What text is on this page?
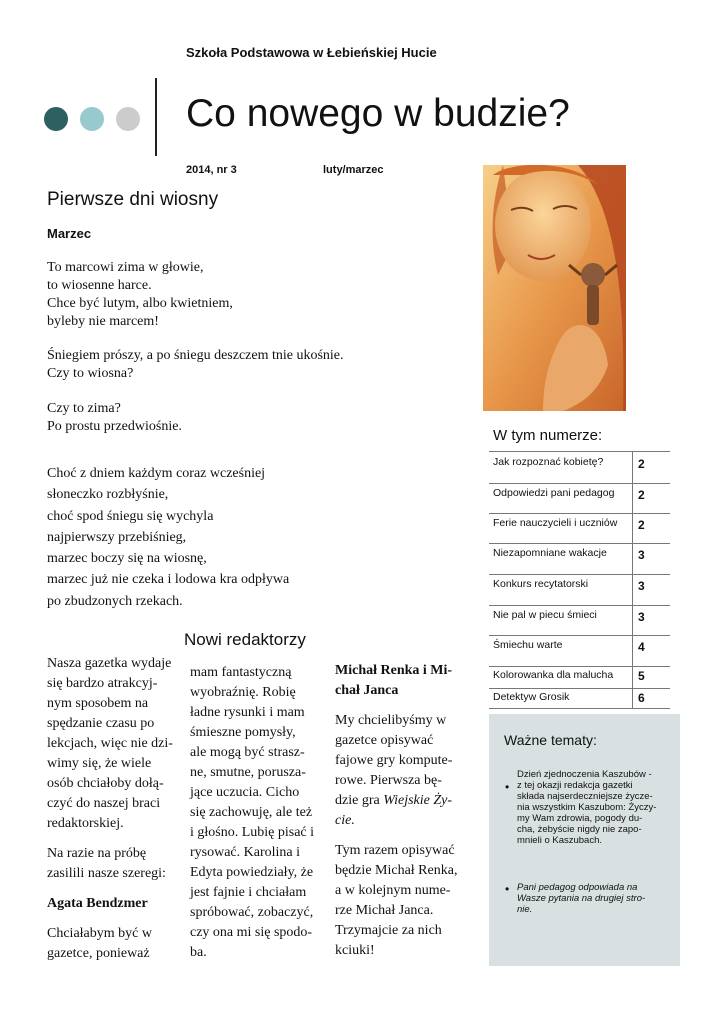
Szkoła Podstawowa w Łebieńskiej Hucie
Co nowego w budzie?
2014, nr 3	luty/marzec
Pierwsze dni wiosny
Marzec
To marcowi zima w głowie,
to wiosenne harce.
Chce być lutym, albo kwietniem,
byleby nie marcem!
Śniegiem prószy, a po śniegu deszczem tnie ukośnie.
Czy to wiosna?
Czy to zima?
Po prostu przedwiośnie.
Choć z dniem każdym coraz wcześniej
słoneczko rozbłyśnie,
choć spod śniegu się wychyla
najpierwszy przebiśnieg,
marzec boczy się na wiosnę,
marzec już nie czeka i lodowa kra odpływa
po zbudzonych rzekach.
W tym numerze:
Jak rozpoznać kobietę?	2
Odpowiedzi pani pedagog 2
Ferie nauczycieli i uczniów 2
Niezapomniane wakacje	3
Konkurs recytatorski	3
Nie pal w piecu śmieci	3
Śmiechu warte	4
Kolorowanka dla malucha 5
Detektyw Grosik	6
Nowi redaktorzy
Nasza gazetka wydaje
się bardzo atrakcyj-
nym sposobem na
spędzanie czasu po
lekcjach, więc nie dzi-
wimy się, że wiele
osób chciałoby dołą-
czyć do naszej braci
redaktorskiej.
Na razie na próbę
zasilili nasze szeregi:
Agata Bendzmer
Chciałabym być w
gazetce, ponieważ
mam fantastyczną
wyobraźnię. Robię
ładne rysunki i mam
śmieszne pomysły,
ale mogą być strasz-
ne, smutne, porusza-
jące uczucia. Cicho
się zachowuję, ale też
i głośno. Lubię pisać i
rysować. Karolina i
Edyta powiedziały, że
jest fajnie i chciałam
spróbować, zobaczyć,
czy ona mi się spodo-
ba.
Michał Renka i Mi-
chał Janca
My chcielibyśmy w
gazetce opisywać
fajowe gry kompute-
rowe. Pierwsza bę-
dzie gra Wiejskie Ży-
cie.
Tym razem opisywać
będzie Michał Renka,
a w kolejnym nume-
rze Michał Janca.
Trzymajcie za nich
kciuki!
Ważne tematy:
•
Dzień zjednoczenia Kaszubów -
z tej okazji redakcja gazetki
składa najserdeczniejsze życze-
nia wszystkim Kaszubom: Życzy-
my Wam zdrowia, pogody du-
cha, żebyście nigdy nie zapo-
mnieli o Kaszubach.
• Pani pedagog odpowiada na
Wasze pytania na drugiej stro-
nie.
